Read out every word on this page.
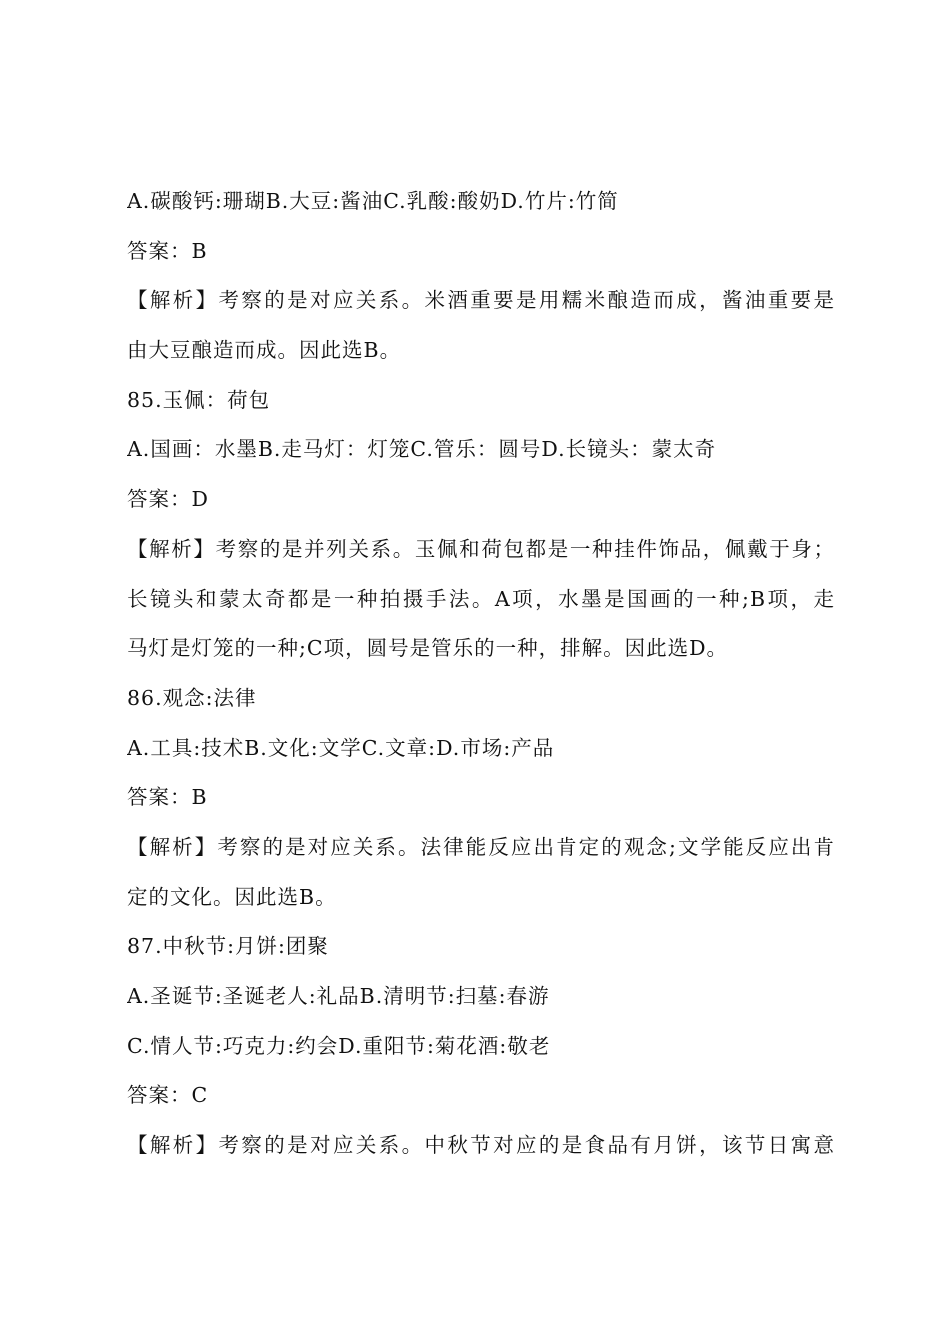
A.碳酸钙:珊瑚B.大豆:酱油C.乳酸:酸奶D.竹片:竹简
答案：B
【解析】考察的是对应关系。米酒重要是用糯米酿造而成，酱油重要是
由大豆酿造而成。因此选B。
85.玉佩：荷包
A.国画：水墨B.走马灯：灯笼C.管乐：圆号D.长镜头：蒙太奇
答案：D
【解析】考察的是并列关系。玉佩和荷包都是一种挂件饰品，佩戴于身；
长镜头和蒙太奇都是一种拍摄手法。A项，水墨是国画的一种;B项，走
马灯是灯笼的一种;C项，圆号是管乐的一种，排解。因此选D。
86.观念:法律
A.工具:技术B.文化:文学C.文章:D.市场:产品
答案：B
【解析】考察的是对应关系。法律能反应出肯定的观念;文学能反应出肯
定的文化。因此选B。
87.中秋节:月饼:团聚
A.圣诞节:圣诞老人:礼品B.清明节:扫墓:春游
C.情人节:巧克力:约会D.重阳节:菊花酒:敬老
答案：C
【解析】考察的是对应关系。中秋节对应的是食品有月饼，该节日寓意
